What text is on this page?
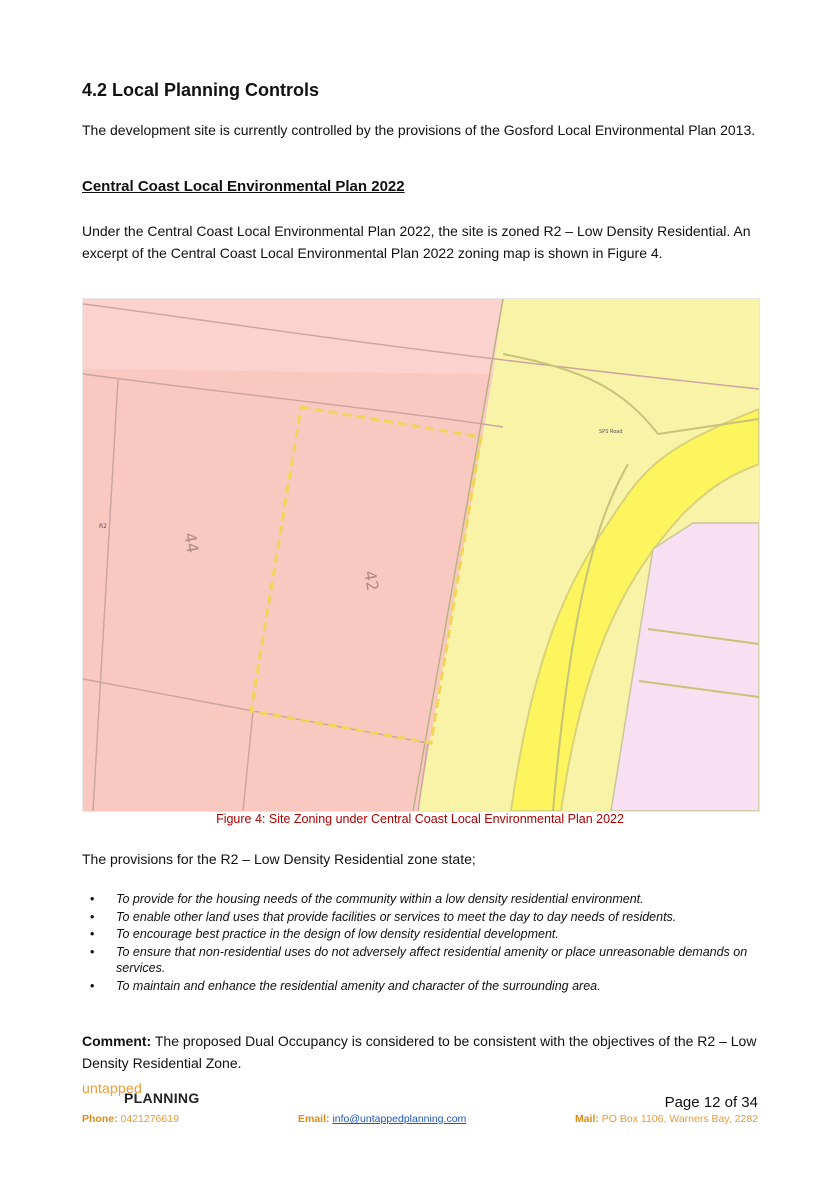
4.2 Local Planning Controls

The development site is currently controlled by the provisions of the Gosford Local Environmental Plan 2013.

Central Coast Local Environmental Plan 2022

Under the Central Coast Local Environmental Plan 2022, the site is zoned R2 – Low Density Residential. An excerpt of the Central Coast Local Environmental Plan 2022 zoning map is shown in Figure 4.

R2
44
42
SPS Road

Figure 4: Site Zoning under Central Coast Local Environmental Plan 2022

The provisions for the R2 – Low Density Residential zone state;

• To provide for the housing needs of the community within a low density residential environment.
• To enable other land uses that provide facilities or services to meet the day to day needs of residents.
• To encourage best practice in the design of low density residential development.
• To ensure that non-residential uses do not adversely affect residential amenity or place unreasonable demands on services.
• To maintain and enhance the residential amenity and character of the surrounding area.

Comment: The proposed Dual Occupancy is considered to be consistent with the objectives of the R2 – Low Density Residential Zone.

untapped
PLANNING	Page 12 of 34
Phone: 0421276619	Email: info@untappedplanning.com	Mail: PO Box 1106, Warners Bay, 2282
